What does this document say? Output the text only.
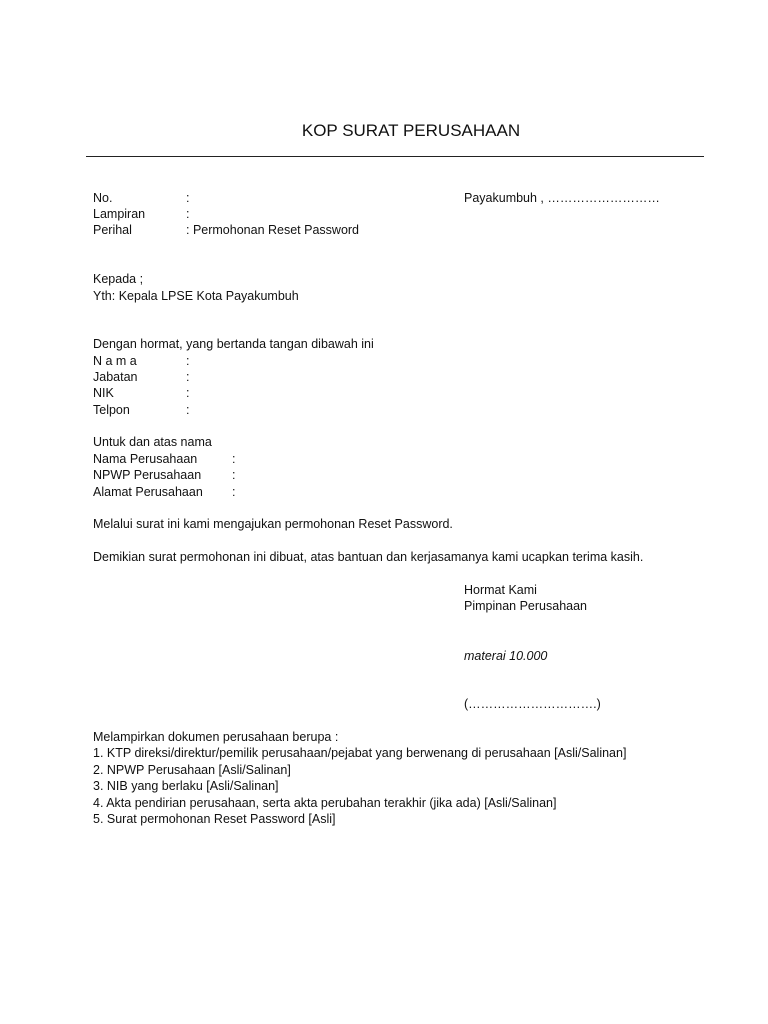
KOP SURAT PERUSAHAAN
No.	:	Payakumbuh , ………………………
Lampiran	:
Perihal	: Permohonan Reset Password
Kepada ;
Yth: Kepala LPSE Kota Payakumbuh
Dengan hormat, yang bertanda tangan dibawah ini
N a m a	:
Jabatan	:
NIK	:
Telpon	:
Untuk dan atas nama
Nama Perusahaan	:
NPWP Perusahaan :
Alamat Perusahaan :
Melalui surat ini kami mengajukan permohonan Reset Password.
Demikian surat permohonan ini dibuat, atas bantuan dan kerjasamanya kami ucapkan terima kasih.
Hormat Kami
Pimpinan Perusahaan
materai 10.000
(………………………….)
Melampirkan dokumen perusahaan berupa :
1. KTP direksi/direktur/pemilik perusahaan/pejabat yang berwenang di perusahaan [Asli/Salinan]
2. NPWP Perusahaan [Asli/Salinan]
3. NIB yang berlaku [Asli/Salinan]
4. Akta pendirian perusahaan, serta akta perubahan terakhir (jika ada) [Asli/Salinan]
5. Surat permohonan Reset Password [Asli]
